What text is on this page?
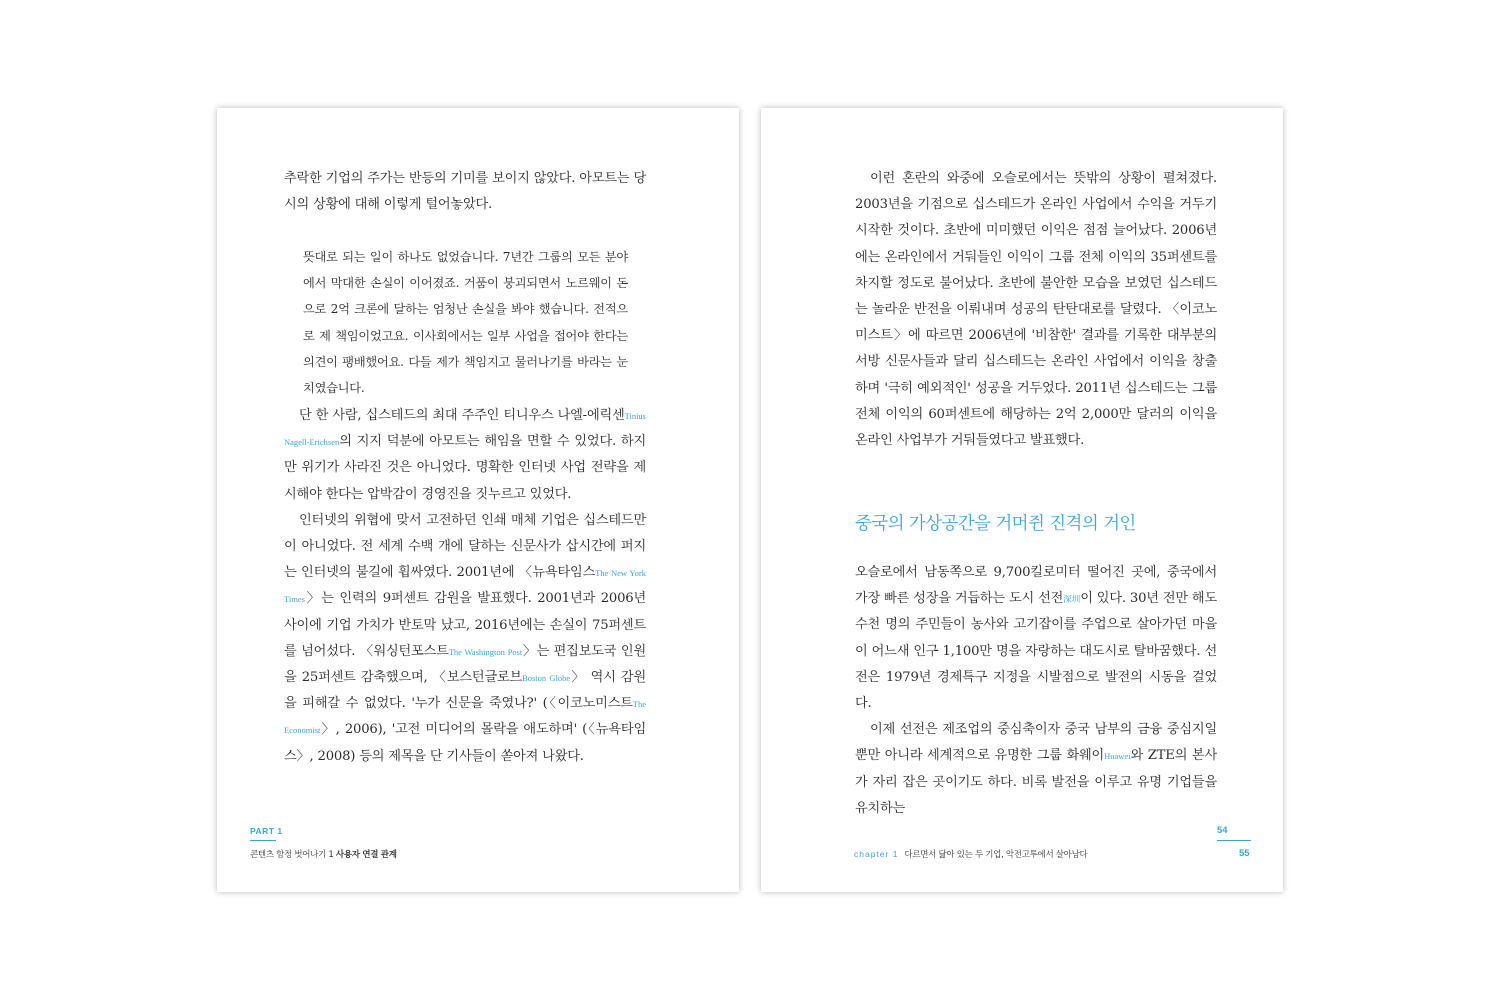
추락한 기업의 주가는 반등의 기미를 보이지 않았다. 아모트는 당시의 상황에 대해 이렇게 털어놓았다.

뜻대로 되는 일이 하나도 없었습니다. 7년간 그룹의 모든 분야에서 막대한 손실이 이어졌죠. 거품이 붕괴되면서 노르웨이 돈으로 2억 크론에 달하는 엄청난 손실을 봐야 했습니다. 전적으로 제 책임이었고요. 이사회에서는 일부 사업을 접어야 한다는 의견이 팽배했어요. 다들 제가 책임지고 물러나기를 바라는 눈치였습니다.

단 한 사람, 십스테드의 최대 주주인 티니우스 나엘-에릭센Tinius Nagell-Erichsen의 지지 덕분에 아모트는 해임을 면할 수 있었다. 하지만 위기가 사라진 것은 아니었다. 명확한 인터넷 사업 전략을 제시해야 한다는 압박감이 경영진을 짓누르고 있었다.

인터넷의 위협에 맞서 고전하던 인쇄 매체 기업은 십스테드만이 아니었다. 전 세계 수백 개에 달하는 신문사가 삽시간에 퍼지는 인터넷의 불길에 휩싸였다. 2001년에 〈뉴욕타임스The New York Times〉는 인력의 9퍼센트 감원을 발표했다. 2001년과 2006년 사이에 기업 가치가 반토막 났고, 2016년에는 손실이 75퍼센트를 넘어섰다. 〈워싱턴포스트The Washington Post〉는 편집보도국 인원을 25퍼센트 감축했으며, 〈보스턴글로브Boston Globe〉 역시 감원을 피해갈 수 없었다. '누가 신문을 죽였나?' (〈이코노미스트The Economist〉, 2006), '고전 미디어의 몰락을 애도하며' (〈뉴욕타임스〉, 2008) 등의 제목을 단 기사들이 쏟아져 나왔다.

PART 1
콘텐츠 함정 벗어나기 1 사용자 연결 관계

이런 혼란의 와중에 오슬로에서는 뜻밖의 상황이 펼쳐졌다. 2003년을 기점으로 십스테드가 온라인 사업에서 수익을 거두기 시작한 것이다. 초반에 미미했던 이익은 점점 늘어났다. 2006년에는 온라인에서 거둬들인 이익이 그룹 전체 이익의 35퍼센트를 차지할 정도로 불어났다. 초반에 불안한 모습을 보였던 십스테드는 놀라운 반전을 이뤄내며 성공의 탄탄대로를 달렸다. 〈이코노미스트〉에 따르면 2006년에 '비참한' 결과를 기록한 대부분의 서방 신문사들과 달리 십스테드는 온라인 사업에서 이익을 창출하며 '극히 예외적인' 성공을 거두었다. 2011년 십스테드는 그룹 전체 이익의 60퍼센트에 해당하는 2억 2,000만 달러의 이익을 온라인 사업부가 거둬들였다고 발표했다.

중국의 가상공간을 거머쥔 진격의 거인

오슬로에서 남동쪽으로 9,700킬로미터 떨어진 곳에, 중국에서 가장 빠른 성장을 거듭하는 도시 선전深圳이 있다. 30년 전만 해도 수천 명의 주민들이 농사와 고기잡이를 주업으로 살아가던 마을이 어느새 인구 1,100만 명을 자랑하는 대도시로 탈바꿈했다. 선전은 1979년 경제특구 지정을 시발점으로 발전의 시동을 걸었다.

이제 선전은 제조업의 중심축이자 중국 남부의 금융 중심지일 뿐만 아니라 세계적으로 유명한 그룹 화웨이Huawei와 ZTE의 본사가 자리 잡은 곳이기도 하다. 비록 발전을 이루고 유명 기업들을 유치하는

54
chapter 1 다르면서 닮아 있는 두 기업, 악전고투에서 살아남다	55
